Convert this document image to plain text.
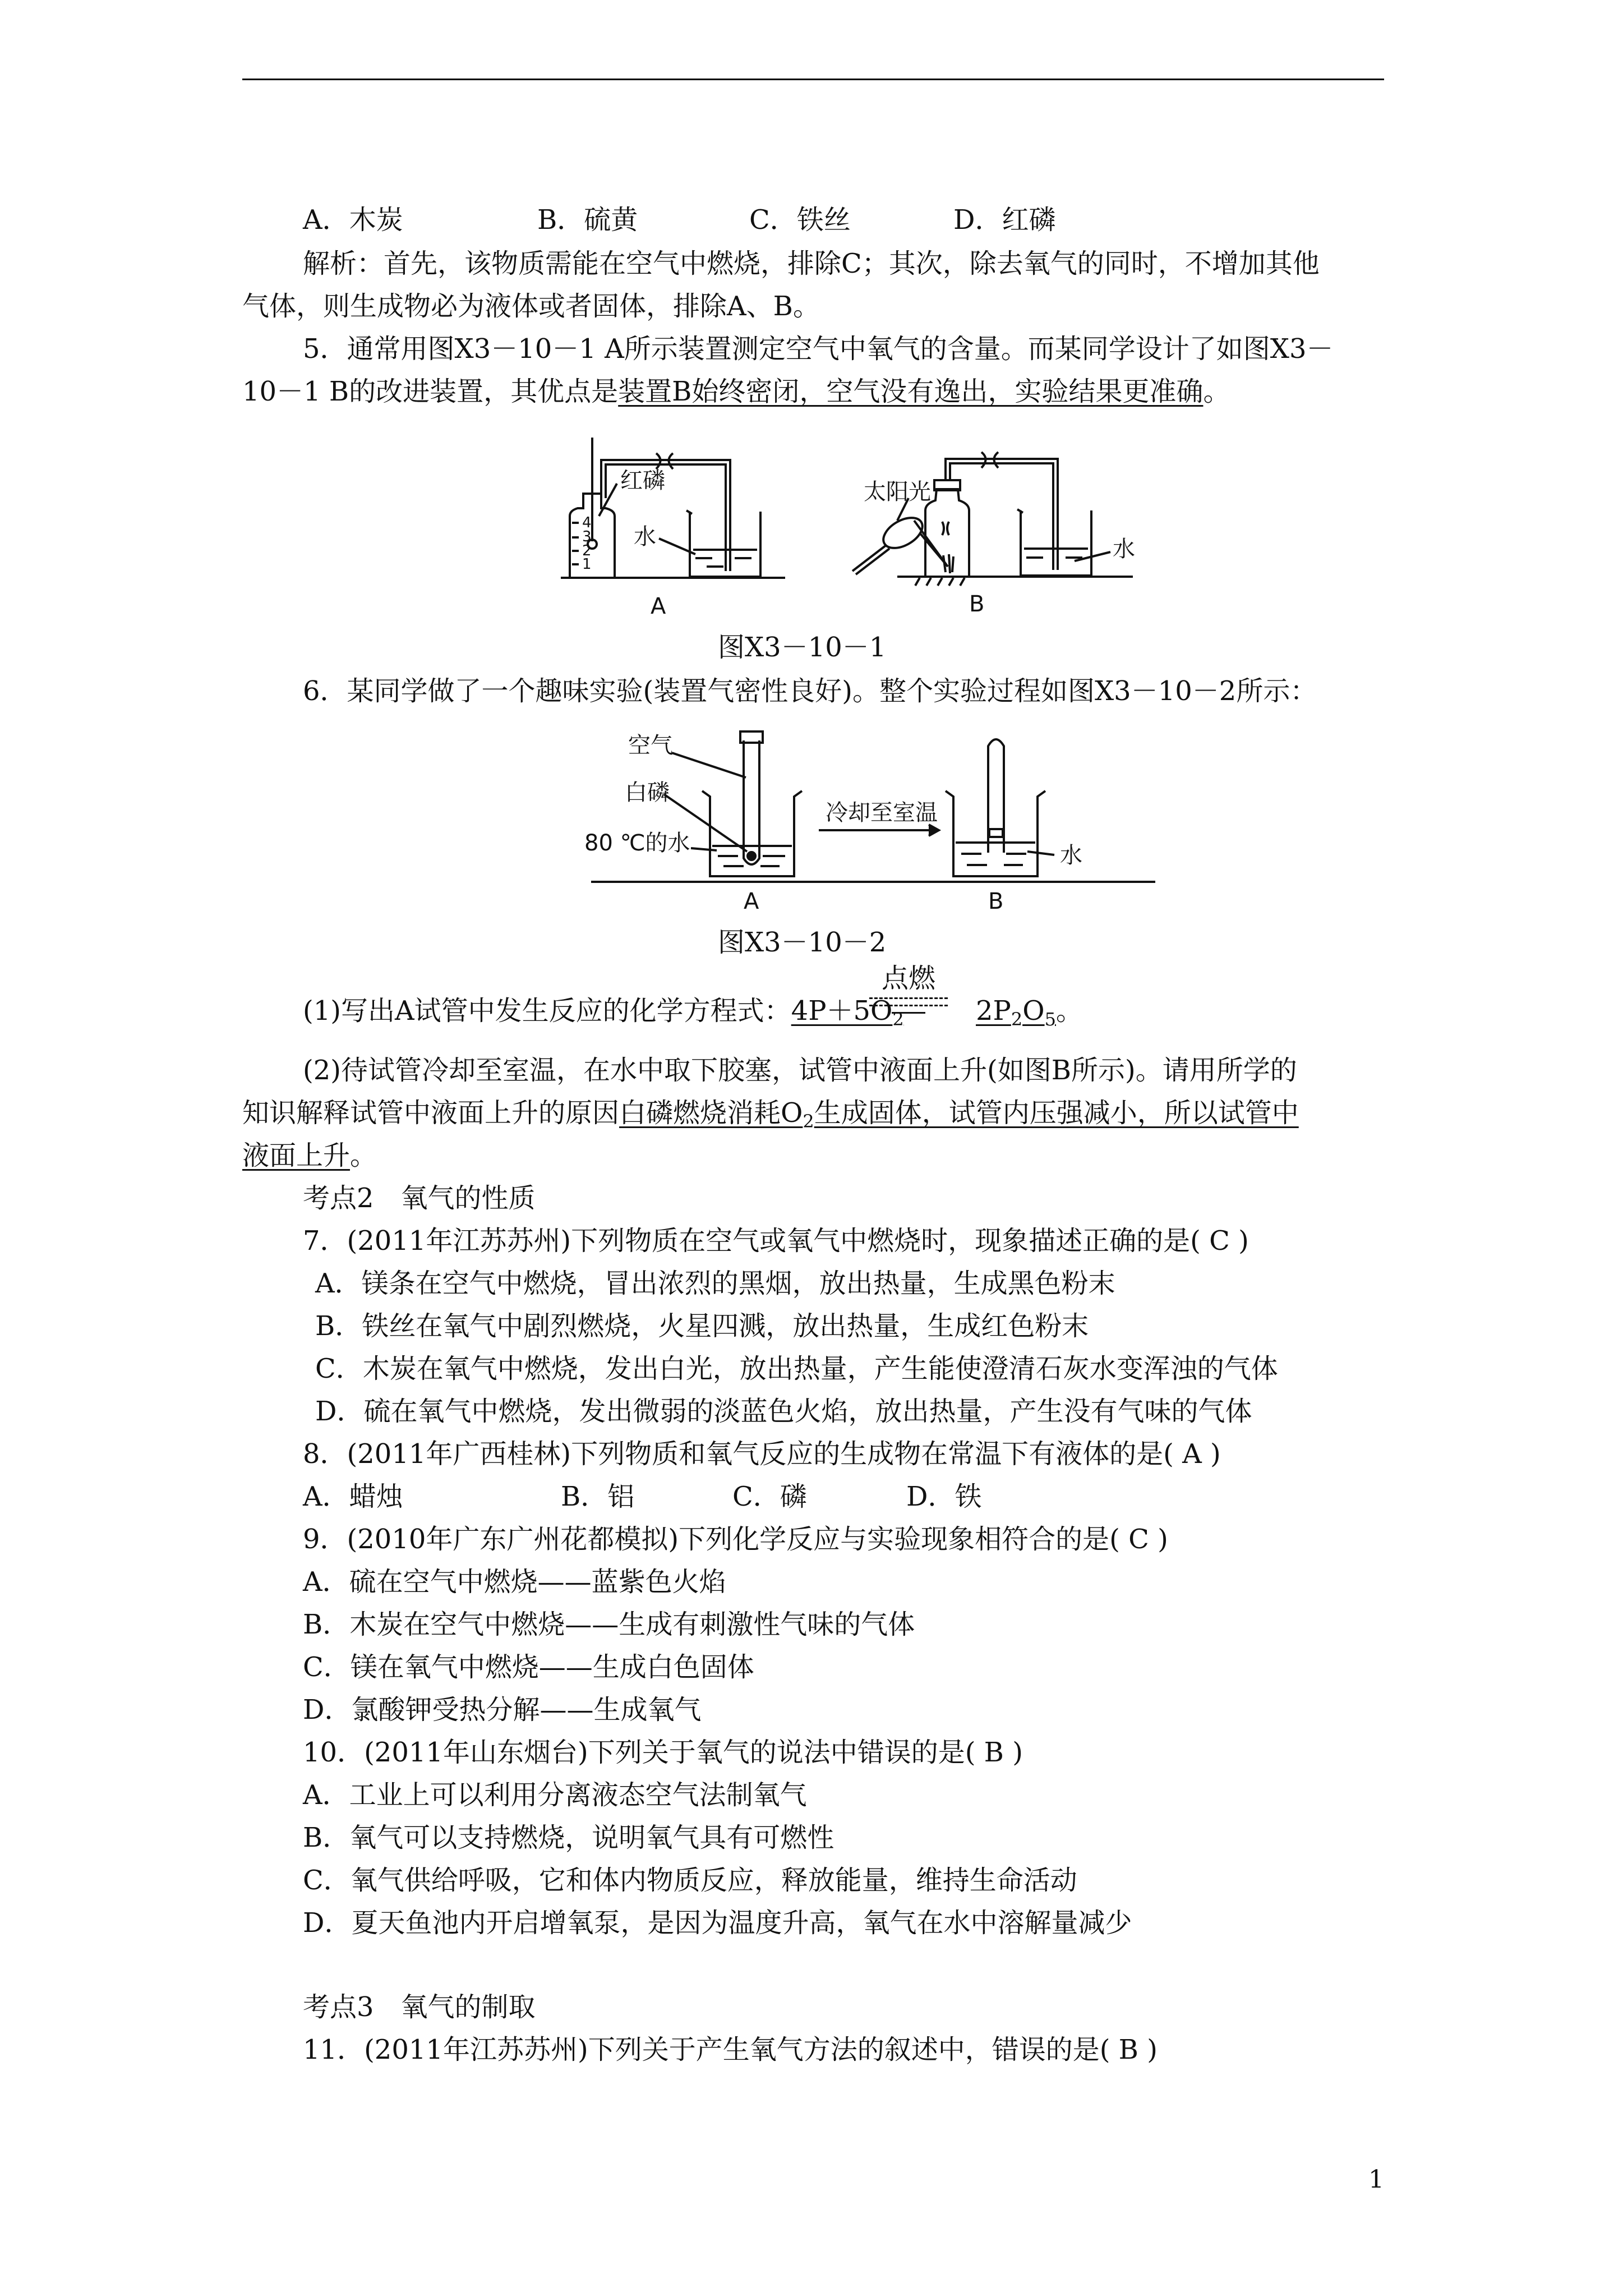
A．木炭	B．硫黄	C．铁丝	D．红磷
解析：首先，该物质需能在空气中燃烧，排除C；其次，除去氧气的同时，不增加其他
气体，则生成物必为液体或者固体，排除A、B。
5．通常用图X3－10－1 A所示装置测定空气中氧气的含量。而某同学设计了如图X3－
10－1 B的改进装置，其优点是装置B始终密闭，空气没有逸出，实验结果更准确。
4
3
2
1
红磷
水
太阳光
水
A	B
图X3－10－1
6．某同学做了一个趣味实验(装置气密性良好)。整个实验过程如图X3－10－2所示：
空气
白磷
80 ℃的水
冷却至室温
水
A	B
图X3－10－2
(1)写出A试管中发生反应的化学方程式：$4P+5O_2$
点燃
$2P_2O_5$。
(2)待试管冷却至室温，在水中取下胶塞，试管中液面上升(如图B所示)。请用所学的
知识解释试管中液面上升的原因白磷燃烧消耗$O_2$生成固体，试管内压强减小，所以试管中
液面上升。
考点2　氧气的性质
7．(2011年江苏苏州)下列物质在空气或氧气中燃烧时，现象描述正确的是( C )
A．镁条在空气中燃烧，冒出浓烈的黑烟，放出热量，生成黑色粉末
B．铁丝在氧气中剧烈燃烧，火星四溅，放出热量，生成红色粉末
C．木炭在氧气中燃烧，发出白光，放出热量，产生能使澄清石灰水变浑浊的气体
D．硫在氧气中燃烧，发出微弱的淡蓝色火焰，放出热量，产生没有气味的气体
8．(2011年广西桂林)下列物质和氧气反应的生成物在常温下有液体的是( A )
A．蜡烛	B．铝	C．磷	D．铁
9．(2010年广东广州花都模拟)下列化学反应与实验现象相符合的是( C )
A．硫在空气中燃烧——蓝紫色火焰
B．木炭在空气中燃烧——生成有刺激性气味的气体
C．镁在氧气中燃烧——生成白色固体
D．氯酸钾受热分解——生成氧气
10．(2011年山东烟台)下列关于氧气的说法中错误的是( B )
A．工业上可以利用分离液态空气法制氧气
B．氧气可以支持燃烧，说明氧气具有可燃性
C．氧气供给呼吸，它和体内物质反应，释放能量，维持生命活动
D．夏天鱼池内开启增氧泵，是因为温度升高，氧气在水中溶解量减少
考点3　氧气的制取
11．(2011年江苏苏州)下列关于产生氧气方法的叙述中，错误的是( B )
1
